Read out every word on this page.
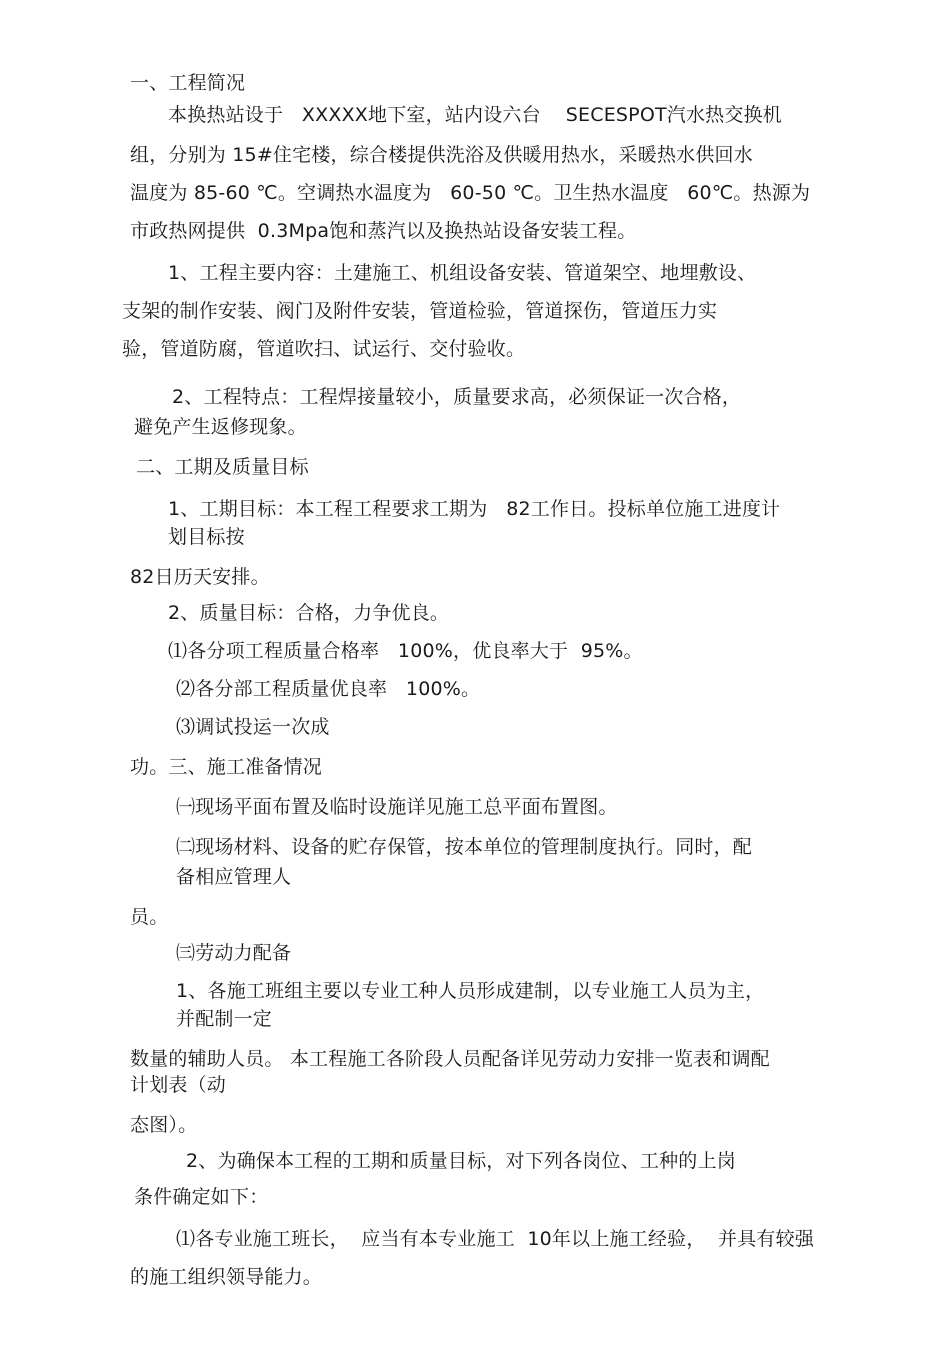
一、工程简况
本换热站设于   XXXXX地下室，站内设六台    SECESPOT汽水热交换机
组，分别为 15#住宅楼，综合楼提供洗浴及供暖用热水，采暖热水供回水
温度为 85-60 ℃。空调热水温度为   60-50 ℃。卫生热水温度   60℃。热源为
市政热网提供  0.3Mpa饱和蒸汽以及换热站设备安装工程。
1、工程主要内容：土建施工、机组设备安装、管道架空、地埋敷设、
支架的制作安装、阀门及附件安装，管道检验，管道探伤，管道压力实
验，管道防腐，管道吹扫、试运行、交付验收。
2、工程特点：工程焊接量较小，质量要求高，必须保证一次合格，
避免产生返修现象。
二、工期及质量目标
1、工期目标：本工程工程要求工期为   82工作日。投标单位施工进度计
划目标按
82日历天安排。
2、质量目标：合格，力争优良。
⑴各分项工程质量合格率   100%，优良率大于  95%。
⑵各分部工程质量优良率   100%。
⑶调试投运一次成
功。三、施工准备情况
㈠现场平面布置及临时设施详见施工总平面布置图。
㈡现场材料、设备的贮存保管，按本单位的管理制度执行。同时，配
备相应管理人
员。
㈢劳动力配备
1、各施工班组主要以专业工种人员形成建制，以专业施工人员为主，
并配制一定
数量的辅助人员。 本工程施工各阶段人员配备详见劳动力安排一览表和调配
计划表（动
态图）。
2、为确保本工程的工期和质量目标，对下列各岗位、工种的上岗
条件确定如下：
⑴各专业施工班长，  应当有本专业施工  10年以上施工经验，  并具有较强
的施工组织领导能力。
